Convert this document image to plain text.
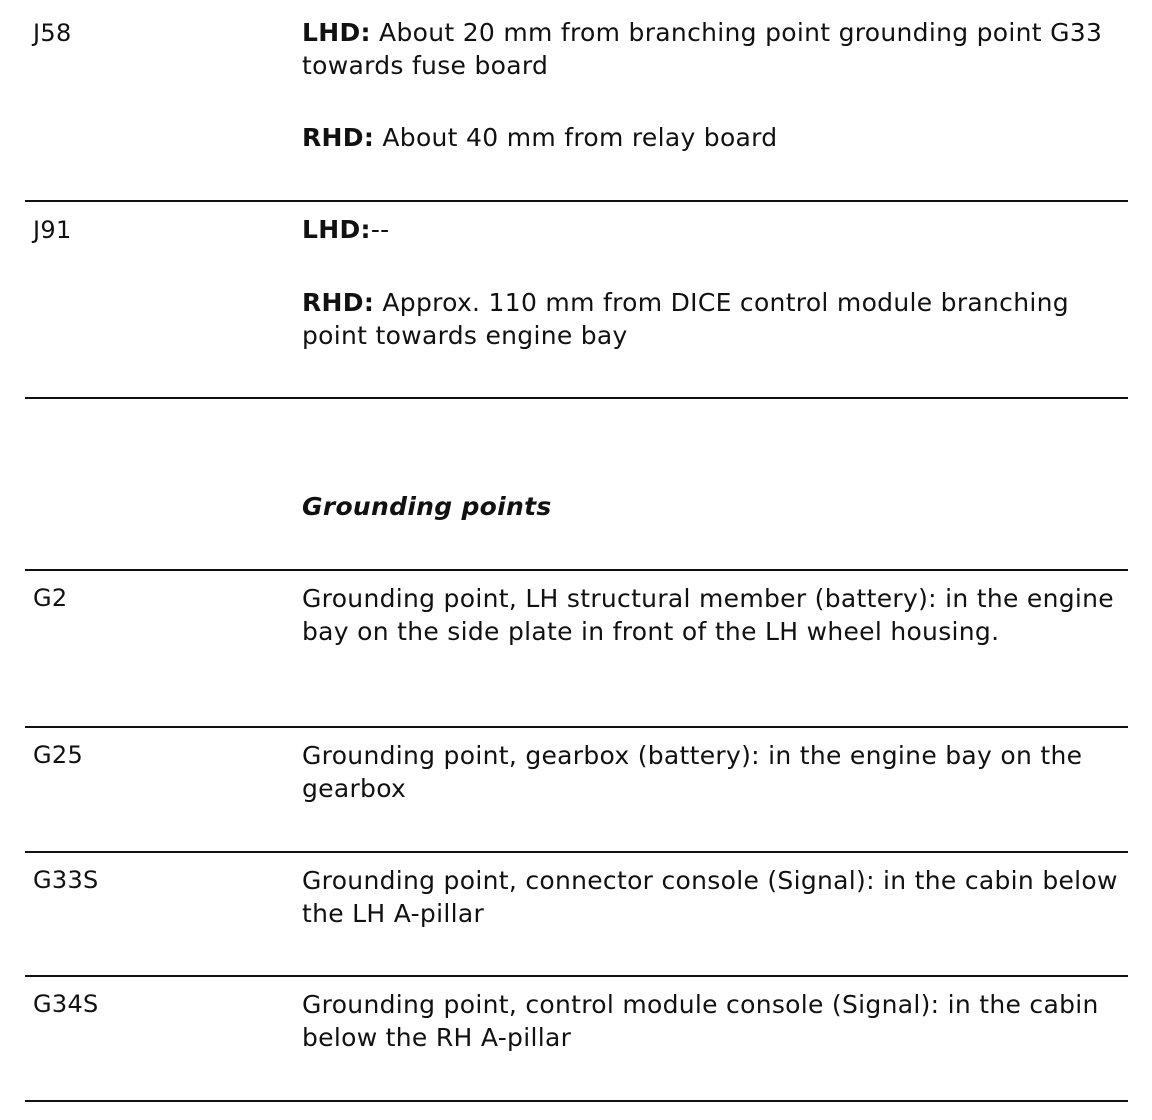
J58	LHD: About 20 mm from branching point grounding point G33 towards fuse board
RHD: About 40 mm from relay board
J91	LHD:--
RHD: Approx. 110 mm from DICE control module branching point towards engine bay
Grounding points
G2	Grounding point, LH structural member (battery): in the engine bay on the side plate in front of the LH wheel housing.
G25	Grounding point, gearbox (battery): in the engine bay on the gearbox
G33S	Grounding point, connector console (Signal): in the cabin below the LH A-pillar
G34S	Grounding point, control module console (Signal): in the cabin below the RH A-pillar
